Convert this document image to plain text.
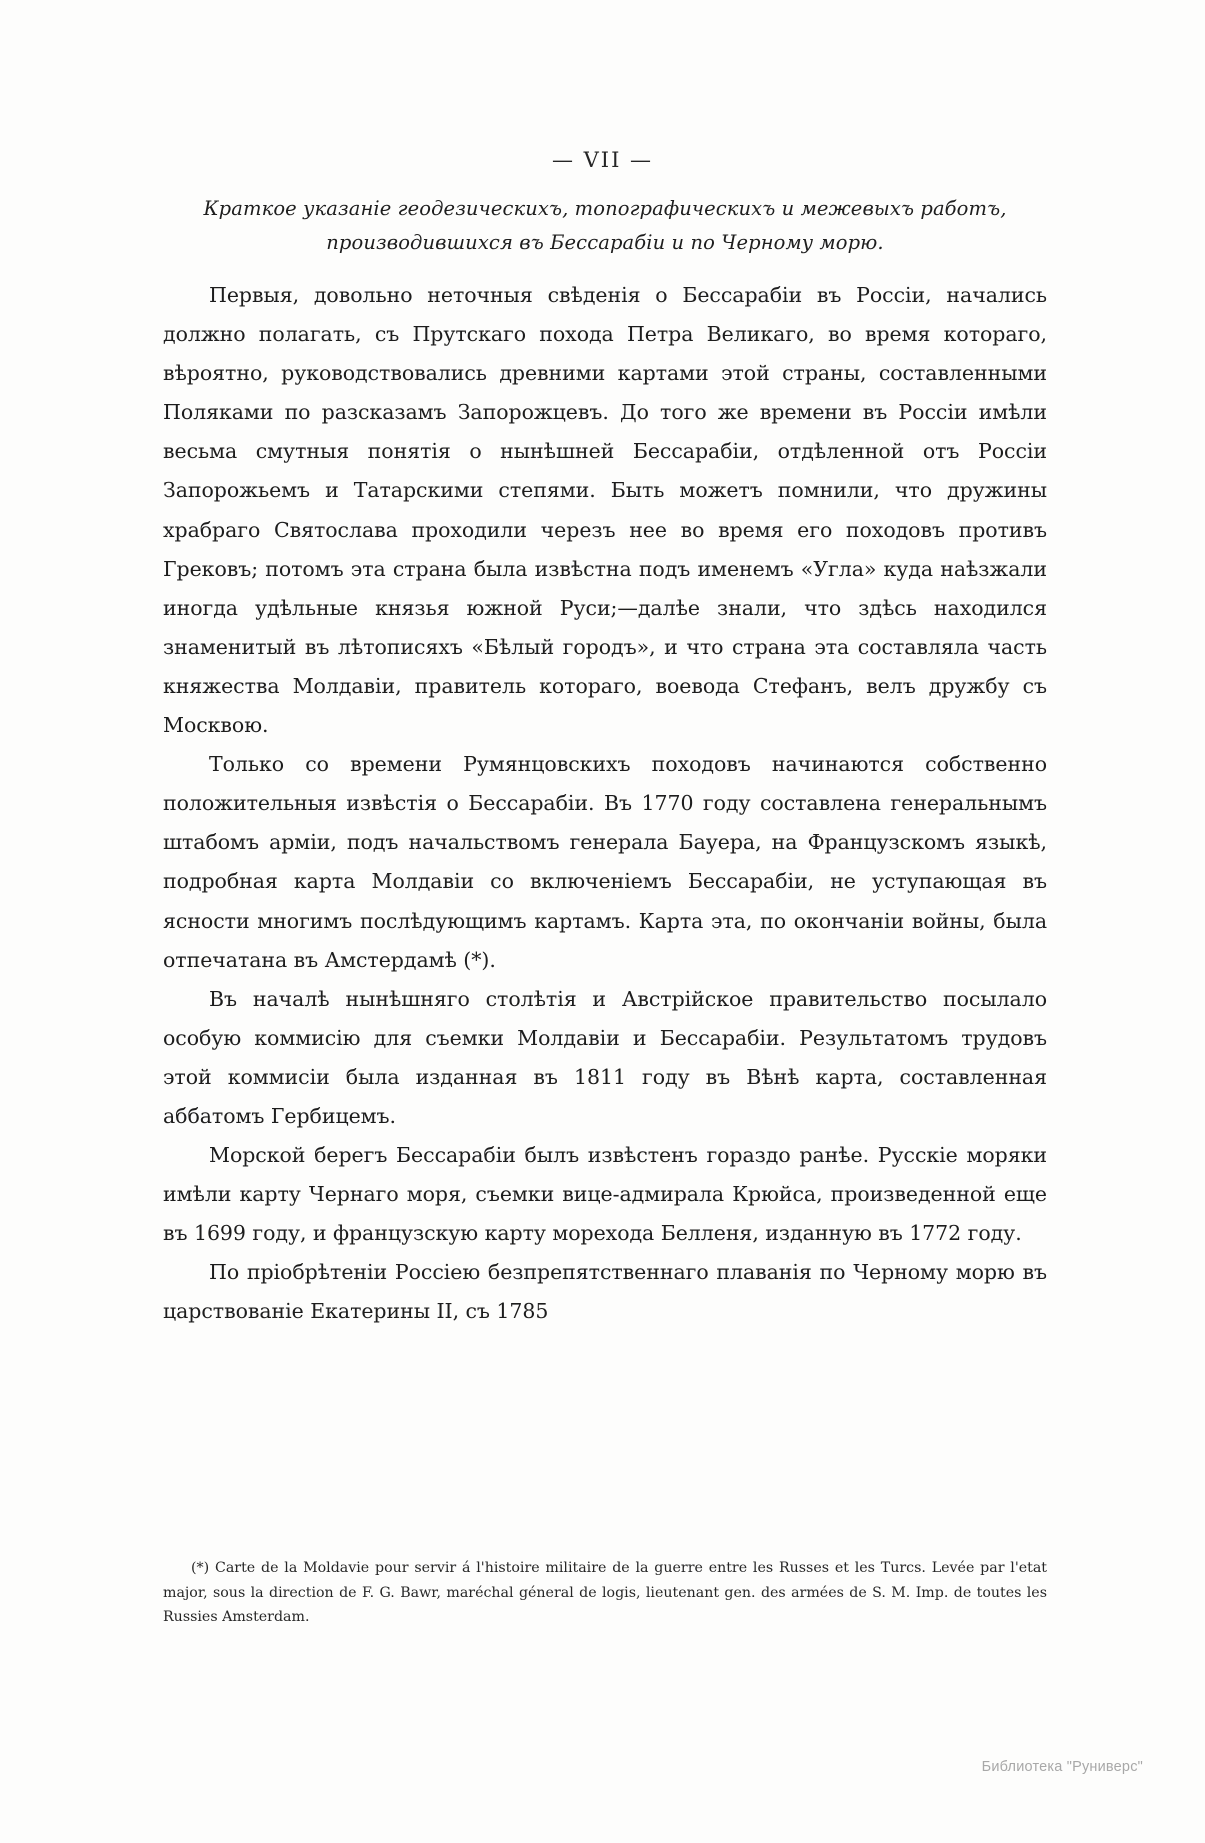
— VII —
Краткое указаніе геодезическихъ, топографическихъ и межевыхъ работъ,
производившихся въ Бессарабіи и по Черному морю.

Первыя, довольно неточныя свѣденія о Бессарабіи въ Россіи, начались должно полагать, съ Прутскаго похода Петра Великаго, во время котораго, вѣроятно, руководствовались древними картами этой страны, составленными Поляками по разсказамъ Запорожцевъ. До того же времени въ Россіи имѣли весьма смутныя понятія о нынѣшней Бессарабіи, отдѣленной отъ Россіи Запорожьемъ и Татарскими степями. Быть можетъ помнили, что дружины храбраго Святослава проходили черезъ нее во время его походовъ противъ Грековъ; потомъ эта страна была извѣстна подъ именемъ «Угла» куда наѣзжали иногда удѣльные князья южной Руси;—далѣе знали, что здѣсь находился знаменитый въ лѣтописяхъ «Бѣлый городъ», и что страна эта составляла часть княжества Молдавіи, правитель котораго, воевода Стефанъ, велъ дружбу съ Москвою.

Только со времени Румянцовскихъ походовъ начинаются собственно положительныя извѣстія о Бессарабіи. Въ 1770 году составлена генеральнымъ штабомъ арміи, подъ начальствомъ генерала Бауера, на Французскомъ языкѣ, подробная карта Молдавіи со включеніемъ Бессарабіи, не уступающая въ ясности многимъ послѣдующимъ картамъ. Карта эта, по окончаніи войны, была отпечатана въ Амстердамѣ (*).

Въ началѣ нынѣшняго столѣтія и Австрійское правительство посылало особую коммисію для съемки Молдавіи и Бессарабіи. Результатомъ трудовъ этой коммисіи была изданная въ 1811 году въ Вѣнѣ карта, составленная аббатомъ Гербицемъ.

Морской берегъ Бессарабіи былъ извѣстенъ гораздо ранѣе. Русскіе моряки имѣли карту Чернаго моря, съемки вице-адмирала Крюйса, произведенной еще въ 1699 году, и французскую карту морехода Белленя, изданную въ 1772 году.

По пріобрѣтеніи Россіею безпрепятственнаго плаванія по Черному морю въ царствованіе Екатерины II, съ 1785

(*) Carte de la Moldavie pour servir á l'histoire militaire de la guerre entre les Russes et les Turcs. Levée par l'etat major, sous la direction de F. G. Bawr, maréchal géneral de logis, lieutenant gen. des armées de S. M. Imp. de toutes les Russies Amsterdam.
Библиотека "Руниверс"
